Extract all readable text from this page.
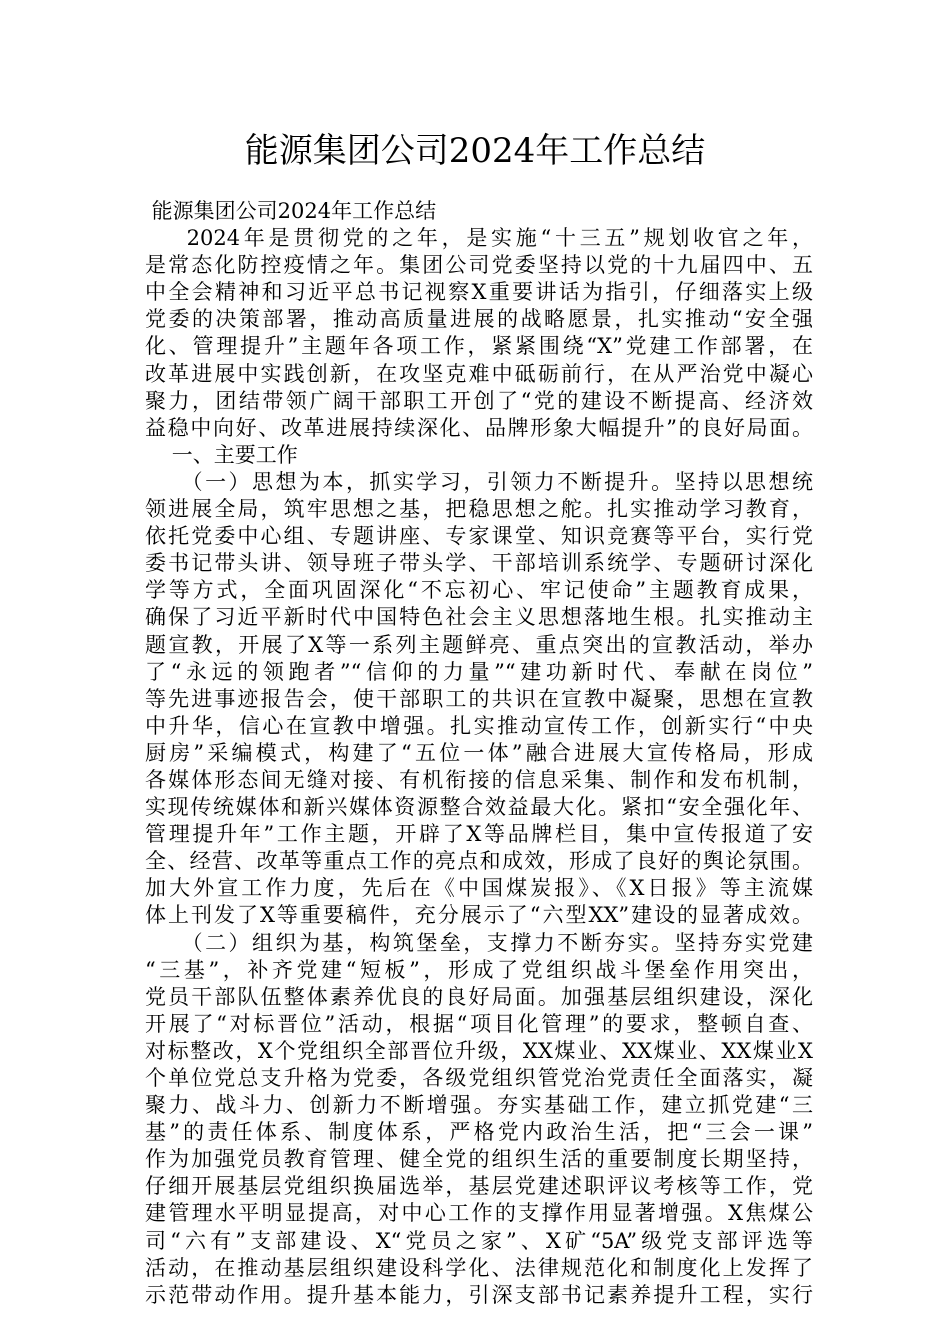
能源集团公司2024年工作总结
能源集团公司2024年工作总结
2024年是贯彻党的之年，是实施“十三五”规划收官之年，
是常态化防控疫情之年。集团公司党委坚持以党的十九届四中、五
中全会精神和习近平总书记视察X重要讲话为指引，仔细落实上级
党委的决策部署，推动高质量进展的战略愿景，扎实推动“安全强
化、管理提升”主题年各项工作，紧紧围绕“X”党建工作部署，在
改革进展中实践创新，在攻坚克难中砥砺前行，在从严治党中凝心
聚力，团结带领广阔干部职工开创了“党的建设不断提高、经济效
益稳中向好、改革进展持续深化、品牌形象大幅提升”的良好局面。
一、主要工作
（一）思想为本，抓实学习，引领力不断提升。坚持以思想统
领进展全局，筑牢思想之基，把稳思想之舵。扎实推动学习教育，
依托党委中心组、专题讲座、专家课堂、知识竞赛等平台，实行党
委书记带头讲、领导班子带头学、干部培训系统学、专题研讨深化
学等方式，全面巩固深化“不忘初心、牢记使命”主题教育成果，
确保了习近平新时代中国特色社会主义思想落地生根。扎实推动主
题宣教，开展了X等一系列主题鲜亮、重点突出的宣教活动，举办
了“永远的领跑者”“信仰的力量”“建功新时代、奉献在岗位”
等先进事迹报告会，使干部职工的共识在宣教中凝聚，思想在宣教
中升华，信心在宣教中增强。扎实推动宣传工作，创新实行“中央
厨房”采编模式，构建了“五位一体”融合进展大宣传格局，形成
各媒体形态间无缝对接、有机衔接的信息采集、制作和发布机制，
实现传统媒体和新兴媒体资源整合效益最大化。紧扣“安全强化年、
管理提升年”工作主题，开辟了X等品牌栏目，集中宣传报道了安
全、经营、改革等重点工作的亮点和成效，形成了良好的舆论氛围。
加大外宣工作力度，先后在《中国煤炭报》、《X日报》等主流媒
体上刊发了X等重要稿件，充分展示了“六型XX”建设的显著成效。
（二）组织为基，构筑堡垒，支撑力不断夯实。坚持夯实党建
“三基”，补齐党建“短板”，形成了党组织战斗堡垒作用突出，
党员干部队伍整体素养优良的良好局面。加强基层组织建设，深化
开展了“对标晋位”活动，根据“项目化管理”的要求，整顿自查、
对标整改，X个党组织全部晋位升级，XX煤业、XX煤业、XX煤业X
个单位党总支升格为党委，各级党组织管党治党责任全面落实，凝
聚力、战斗力、创新力不断增强。夯实基础工作，建立抓党建“三
基”的责任体系、制度体系，严格党内政治生活，把“三会一课”
作为加强党员教育管理、健全党的组织生活的重要制度长期坚持，
仔细开展基层党组织换届选举，基层党建述职评议考核等工作，党
建管理水平明显提高，对中心工作的支撑作用显著增强。X焦煤公
司“六有”支部建设、X“党员之家”、X矿“5A”级党支部评选等
活动，在推动基层组织建设科学化、法律规范化和制度化上发挥了
示范带动作用。提升基本能力，引深支部书记素养提升工程，实行
